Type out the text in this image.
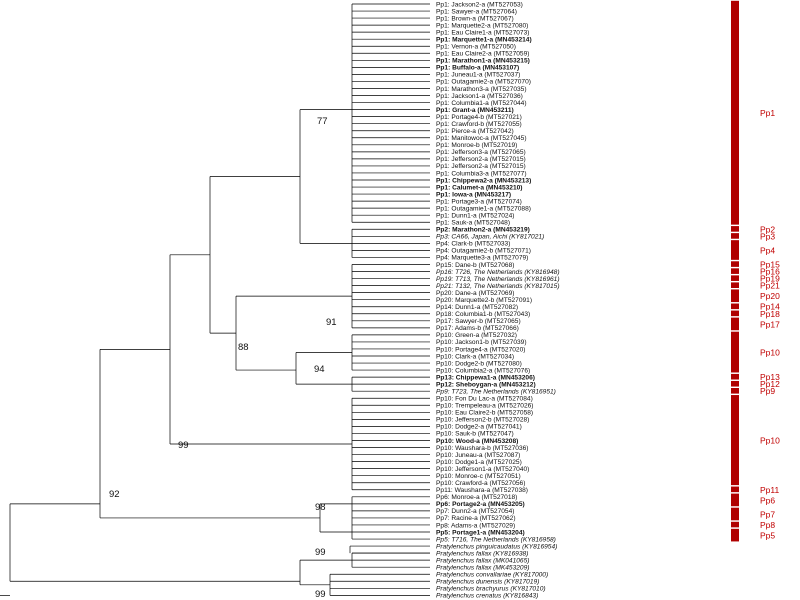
Pp1: Jackson2-a (MT527053)
Pp1: Sawyer-a (MT527064)
Pp1: Brown-a (MT527067)
Pp1: Marquette2-a (MT527080)
Pp1: Eau Claire1-a (MT527073)
Pp1: Marquette1-a (MN453214)
Pp1: Vernon-a (MT527050)
Pp1: Eau Claire2-a (MT527059)
Pp1: Marathon1-a (MN453215)
Pp1: Buffalo-a (MN453107)
Pp1: Juneau1-a (MT527037)
Pp1: Outagamie2-a (MT527070)
Pp1: Marathon3-a (MT527035)
Pp1: Jackson1-a (MT527036)
Pp1: Columbia1-a (MT527044)
Pp1: Grant-a (MN453211)
Pp1: Portage4-b (MT527021)
Pp1: Crawford-b (MT527055)
Pp1: Pierce-a (MT527042)
Pp1: Manitowoc-a (MT527045)
Pp1: Monroe-b (MT527019)
Pp1: Jefferson3-a (MT527065)
Pp1: Jefferson2-a (MT527015)
Pp1: Jefferson2-a (MT527015)
Pp1: Columbia3-a (MT527077)
Pp1: Chippewa2-a (MN453213)
Pp1: Calumet-a (MN453210)
Pp1: Iowa-a (MN453217)
Pp1: Portage3-a (MT527074)
Pp1: Outagamie1-a (MT527088)
Pp1: Dunn1-a (MT527024)
Pp1: Sauk-a (MT527048)
Pp2: Marathon2-a (MN453219)
Pp3: CA66, Japan, Aichi (KY817021)
Pp4: Clark-b (MT527033)
Pp4: Outagamie2-b (MT527071)
Pp4: Marquette3-a (MT527079)
Pp15: Dane-b (MT527068)
Pp16: T726, The Netherlands (KY816948)
Pp19: T713, The Netherlands (KY816961)
Pp21: T132, The Netherlands (KY817015)
Pp20: Dane-a (MT527069)
Pp20: Marquette2-b (MT527091)
Pp14: Dunn1-a (MT527082)
Pp18: Columbia1-b (MT527043)
Pp17: Sawyer-b (MT527065)
Pp17: Adams-b (MT527066)
Pp10: Green-a (MT527032)
Pp10: Jackson1-b (MT527039)
Pp10: Portage4-a (MT527020)
Pp10: Clark-a (MT527034)
Pp10: Dodge2-b (MT527080)
Pp10: Columbia2-a (MT527076)
Pp13: Chippewa1-a (MN453206)
Pp12: Sheboygan-a (MN453212)
Pp9: T723, The Netherlands (KY816951)
Pp10: Fon Du Lac-a (MT527084)
Pp10: Trempeleau-a (MT527026)
Pp10: Eau Claire2-b (MT527058)
Pp10: Jefferson2-b (MT527028)
Pp10: Dodge2-a (MT527041)
Pp10: Sauk-b (MT527047)
Pp10: Wood-a (MN453208)
Pp10: Waushara-b (MT527036)
Pp10: Juneau-a (MT527087)
Pp10: Dodge1-a (MT527025)
Pp10: Jefferson1-a (MT527040)
Pp10: Monroe-c (MT527051)
Pp10: Crawford-a (MT527056)
Pp11: Waushara-a (MT527038)
Pp6: Monroe-a (MT527018)
Pp6: Portage2-a (MN453205)
Pp7: Dunn2-a (MT527054)
Pp7: Racine-a (MT527062)
Pp8: Adams-a (MT527029)
Pp5: Portage1-a (MN453204)
Pp5: T716, The Netherlands (KY816958)
Pratylenchus pinguicaudatus (KY816954)
Pratylenchus fallax (KY816938)
Pratylenchus fallax (MK041065)
Pratylenchus fallax (MK453209)
Pratylenchus convallariae (KY817000)
Pratylenchus dunensis (KY817019)
Pratylenchus brachyurus (KY817010)
Pratylenchus crenatus (KY816843)
77
91
88
94
99
92
98
99
99
Pp1
Pp2
Pp3
Pp4
Pp15
Pp16
Pp19
Pp21
Pp20
Pp14
Pp18
Pp17
Pp10
Pp13
Pp12
Pp9
Pp10
Pp11
Pp6
Pp7
Pp8
Pp5
